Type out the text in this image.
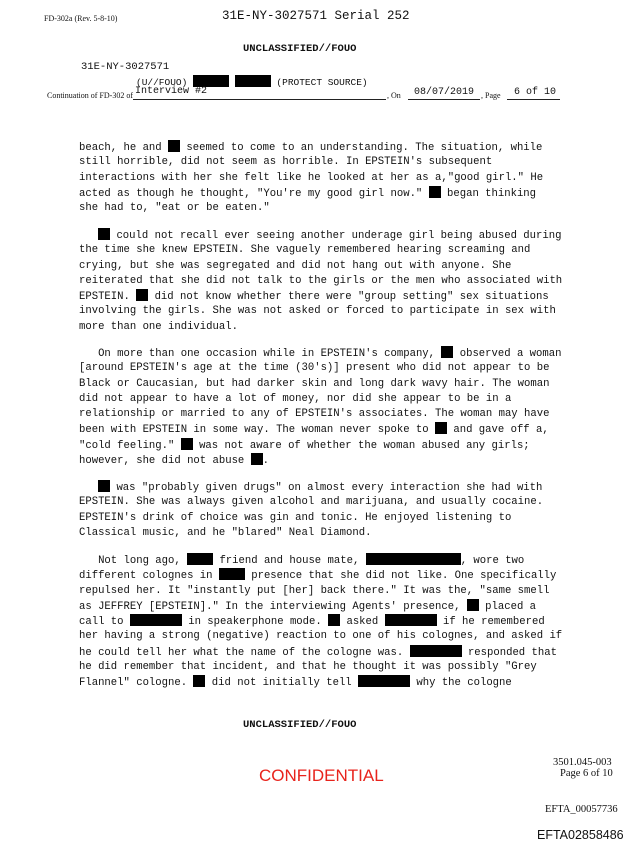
FD-302a (Rev. 5-8-10)	31E-NY-3027571 Serial 252
UNCLASSIFIED//FOUO
31E-NY-3027571
(U//FOUO)	(PROTECT SOURCE)
Continuation of FD-302 of Interview #2	, On 08/07/2019 , Page 6 of 10
beach, he and seemed to come to an understanding. The situation, while
still horrible, did not seem as horrible. In EPSTEIN's subsequent
interactions with her she felt like he looked at her as a,"good girl." He
acted as though he thought, "You're my good girl now." began thinking
she had to, "eat or be eaten."
could not recall ever seeing another underage girl being abused during
the time she knew EPSTEIN. She vaguely remembered hearing screaming and
crying, but she was segregated and did not hang out with anyone. She
reiterated that she did not talk to the girls or the men who associated with
EPSTEIN. did not know whether there were "group setting" sex situations
involving the girls. She was not asked or forced to participate in sex with
more than one individual.
On more than one occasion while in EPSTEIN's company, observed a woman
[around EPSTEIN's age at the time (30's)] present who did not appear to be
Black or Caucasian, but had darker skin and long dark wavy hair. The woman
did not appear to have a lot of money, nor did she appear to be in a
relationship or married to any of EPSTEIN's associates. The woman may have
been with EPSTEIN in some way. The woman never spoke to and gave off a,
"cold feeling." was not aware of whether the woman abused any girls;
however, she did not abuse .
was "probably given drugs" on almost every interaction she had with
EPSTEIN. She was always given alcohol and marijuana, and usually cocaine.
EPSTEIN's drink of choice was gin and tonic. He enjoyed listening to
Classical music, and he "blared" Neal Diamond.
Not long ago,	friend and house mate,	, wore two
different colognes in	presence that she did not like. One specifically
repulsed her. It "instantly put [her] back there." It was the, "same smell
as JEFFREY [EPSTEIN]." In the interviewing Agents' presence, placed a
call to	in speakerphone mode. asked	if he remembered
her having a strong (negative) reaction to one of his colognes, and asked if
he could tell her what the name of the cologne was.	responded that
he did remember that incident, and that he thought it was possibly "Grey
Flannel" cologne. did not initially tell	why the cologne
UNCLASSIFIED//FOUO
CONFIDENTIAL
3501.045-003
Page 6 of 10
EFTA_00057736
EFTA02858486
